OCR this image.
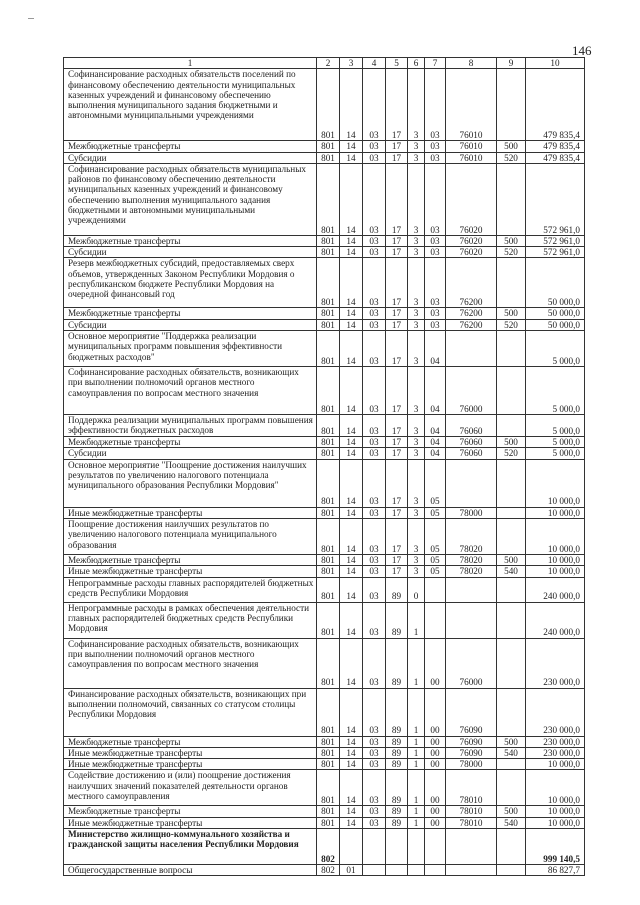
146
1	2	3	4	5	6	7	8	9	10
Софинансирование расходных обязательств поселений по финансовому обеспечению деятельности муниципальных казенных учреждений и финансовому обеспечению выполнения муниципального задания бюджетными и автономными муниципальными учреждениями	801	14	03	17	3	03	76010		479 835,4
Межбюджетные трансферты	801	14	03	17	3	03	76010	500	479 835,4
Субсидии	801	14	03	17	3	03	76010	520	479 835,4
Софинансирование расходных обязательств муниципальных районов по финансовому обеспечению деятельности муниципальных казенных учреждений и финансовому обеспечению выполнения муниципального задания бюджетными и автономными муниципальными учреждениями	801	14	03	17	3	03	76020		572 961,0
Межбюджетные трансферты	801	14	03	17	3	03	76020	500	572 961,0
Субсидии	801	14	03	17	3	03	76020	520	572 961,0
Резерв межбюджетных субсидий, предоставляемых сверх объемов, утвержденных Законом Республики Мордовия о республиканском бюджете Республики Мордовия на очередной финансовый год	801	14	03	17	3	03	76200		50 000,0
Межбюджетные трансферты	801	14	03	17	3	03	76200	500	50 000,0
Субсидии	801	14	03	17	3	03	76200	520	50 000,0
Основное мероприятие "Поддержка реализации муниципальных программ повышения эффективности бюджетных расходов"	801	14	03	17	3	04			5 000,0
Софинансирование расходных обязательств, возникающих при выполнении полномочий органов местного самоуправления по вопросам местного значения	801	14	03	17	3	04	76000		5 000,0
Поддержка реализации муниципальных программ повышения эффективности бюджетных расходов	801	14	03	17	3	04	76060		5 000,0
Межбюджетные трансферты	801	14	03	17	3	04	76060	500	5 000,0
Субсидии	801	14	03	17	3	04	76060	520	5 000,0
Основное мероприятие "Поощрение достижения наилучших результатов по увеличению налогового потенциала муниципального образования Республики Мордовия"	801	14	03	17	3	05			10 000,0
Иные межбюджетные трансферты	801	14	03	17	3	05	78000		10 000,0
Поощрение достижения наилучших результатов по увеличению налогового потенциала муниципального образования	801	14	03	17	3	05	78020		10 000,0
Межбюджетные трансферты	801	14	03	17	3	05	78020	500	10 000,0
Иные межбюджетные трансферты	801	14	03	17	3	05	78020	540	10 000,0
Непрограммные расходы главных распорядителей бюджетных средств Республики Мордовия	801	14	03	89	0				240 000,0
Непрограммные расходы в рамках обеспечения деятельности главных распорядителей бюджетных средств Республики Мордовия	801	14	03	89	1				240 000,0
Софинансирование расходных обязательств, возникающих при выполнении полномочий органов местного самоуправления по вопросам местного значения	801	14	03	89	1	00	76000		230 000,0
Финансирование расходных обязательств, возникающих при выполнении полномочий, связанных со статусом столицы Республики Мордовия	801	14	03	89	1	00	76090		230 000,0
Межбюджетные трансферты	801	14	03	89	1	00	76090	500	230 000,0
Иные межбюджетные трансферты	801	14	03	89	1	00	76090	540	230 000,0
Иные межбюджетные трансферты	801	14	03	89	1	00	78000		10 000,0
Содействие достижению и (или) поощрение достижения наилучших значений показателей деятельности органов местного самоуправления	801	14	03	89	1	00	78010		10 000,0
Межбюджетные трансферты	801	14	03	89	1	00	78010	500	10 000,0
Иные межбюджетные трансферты	801	14	03	89	1	00	78010	540	10 000,0
Министерство жилищно-коммунального хозяйства и гражданской защиты населения Республики Мордовия	802								999 140,5
Общегосударственные вопросы	802	01							86 827,7
